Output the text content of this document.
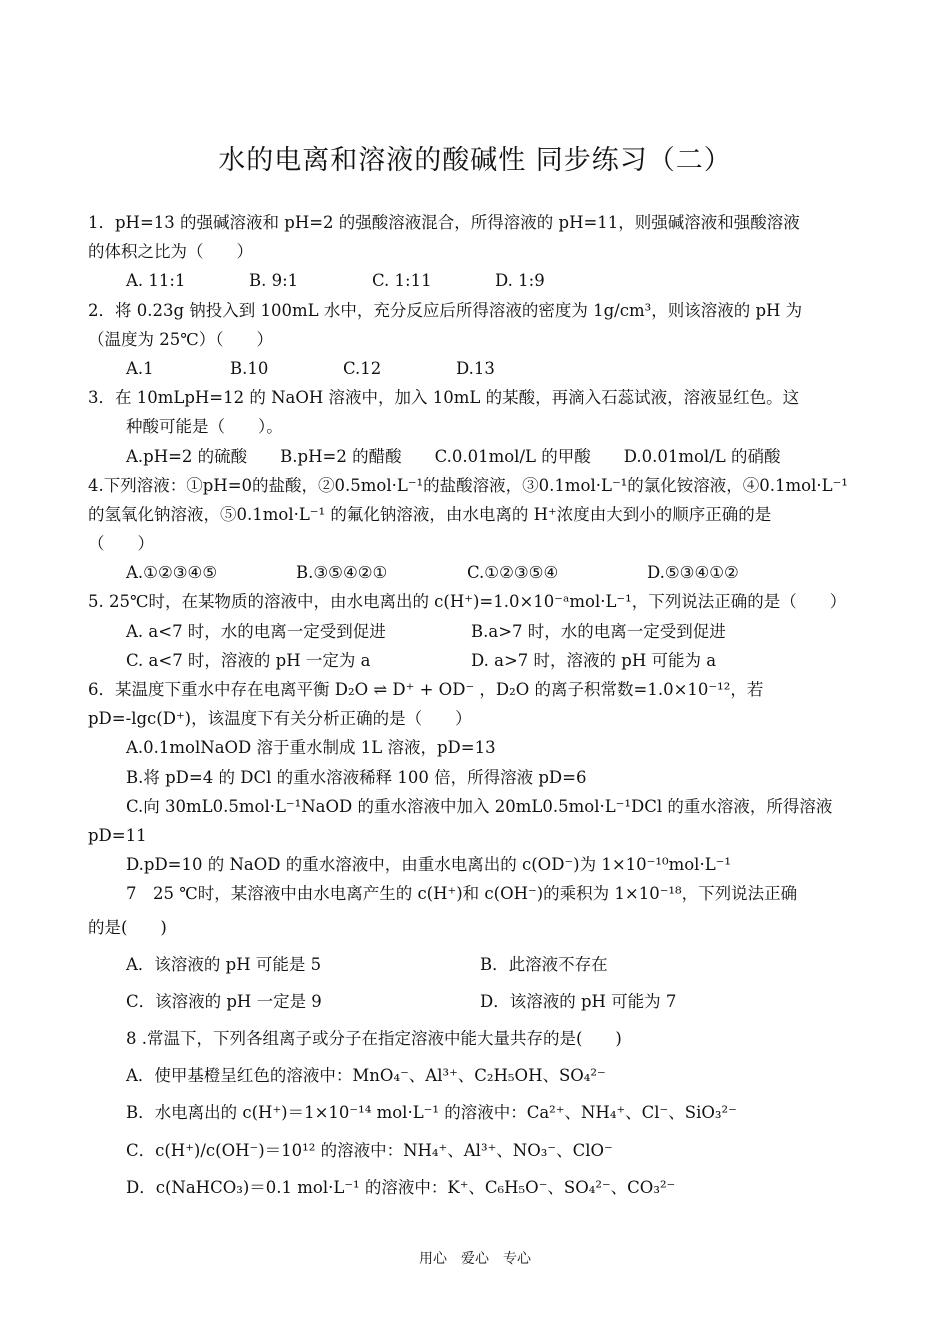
水的电离和溶液的酸碱性 同步练习（二）
1．pH=13 的强碱溶液和 pH=2 的强酸溶液混合，所得溶液的 pH=11，则强碱溶液和强酸溶液
的体积之比为（　　）
A. 11:1	B. 9:1	C. 1:11	D. 1:9
2．将 0.23g 钠投入到 100mL 水中，充分反应后所得溶液的密度为 1g/cm³，则该溶液的 pH 为
（温度为 25℃）（　　）
A.1	B.10	C.12	D.13
3．在 10mLpH=12 的 NaOH 溶液中，加入 10mL 的某酸，再滴入石蕊试液，溶液显红色。这
种酸可能是（　　）。
A.pH=2 的硫酸　　B.pH=2 的醋酸　　C.0.01mol/L 的甲酸　　D.0.01mol/L 的硝酸
4.下列溶液：①pH=0的盐酸，②0.5mol·L⁻¹的盐酸溶液，③0.1mol·L⁻¹的氯化铵溶液，④0.1mol·L⁻¹
的氢氧化钠溶液，⑤0.1mol·L⁻¹ 的氟化钠溶液，由水电离的 H⁺浓度由大到小的顺序正确的是
（　　）
A.①②③④⑤	B.③⑤④②①	C.①②③⑤④	D.⑤③④①②
5. 25℃时，在某物质的溶液中，由水电离出的 c(H⁺)=1.0×10⁻ᵃmol·L⁻¹，下列说法正确的是（　　）
A. a<7 时，水的电离一定受到促进	B.a>7 时，水的电离一定受到促进
C. a<7 时，溶液的 pH 一定为 a	D. a>7 时，溶液的 pH 可能为 a
6．某温度下重水中存在电离平衡 D₂O ⇌ D⁺ + OD⁻ ，D₂O 的离子积常数=1.0×10⁻¹²，若
pD=-lgc(D⁺)，该温度下有关分析正确的是（　　）
A.0.1molNaOD 溶于重水制成 1L 溶液，pD=13
B.将 pD=4 的 DCl 的重水溶液稀释 100 倍，所得溶液 pD=6
C.向 30mL0.5mol·L⁻¹NaOD 的重水溶液中加入 20mL0.5mol·L⁻¹DCl 的重水溶液，所得溶液
pD=11
D.pD=10 的 NaOD 的重水溶液中，由重水电离出的 c(OD⁻)为 1×10⁻¹⁰mol·L⁻¹
7　25 ℃时，某溶液中由水电离产生的 c(H⁺)和 c(OH⁻)的乘积为 1×10⁻¹⁸，下列说法正确
的是(　　)
A．该溶液的 pH 可能是 5	B．此溶液不存在
C．该溶液的 pH 一定是 9	D．该溶液的 pH 可能为 7
8 .常温下，下列各组离子或分子在指定溶液中能大量共存的是(　　)
A．使甲基橙呈红色的溶液中：MnO₄⁻、Al³⁺、C₂H₅OH、SO₄²⁻
B．水电离出的 c(H⁺)＝1×10⁻¹⁴ mol·L⁻¹ 的溶液中：Ca²⁺、NH₄⁺、Cl⁻、SiO₃²⁻
C．c(H⁺)/c(OH⁻)＝10¹² 的溶液中：NH₄⁺、Al³⁺、NO₃⁻、ClO⁻
D．c(NaHCO₃)＝0.1 mol·L⁻¹ 的溶液中：K⁺、C₆H₅O⁻、SO₄²⁻、CO₃²⁻
用心　爱心　专心
